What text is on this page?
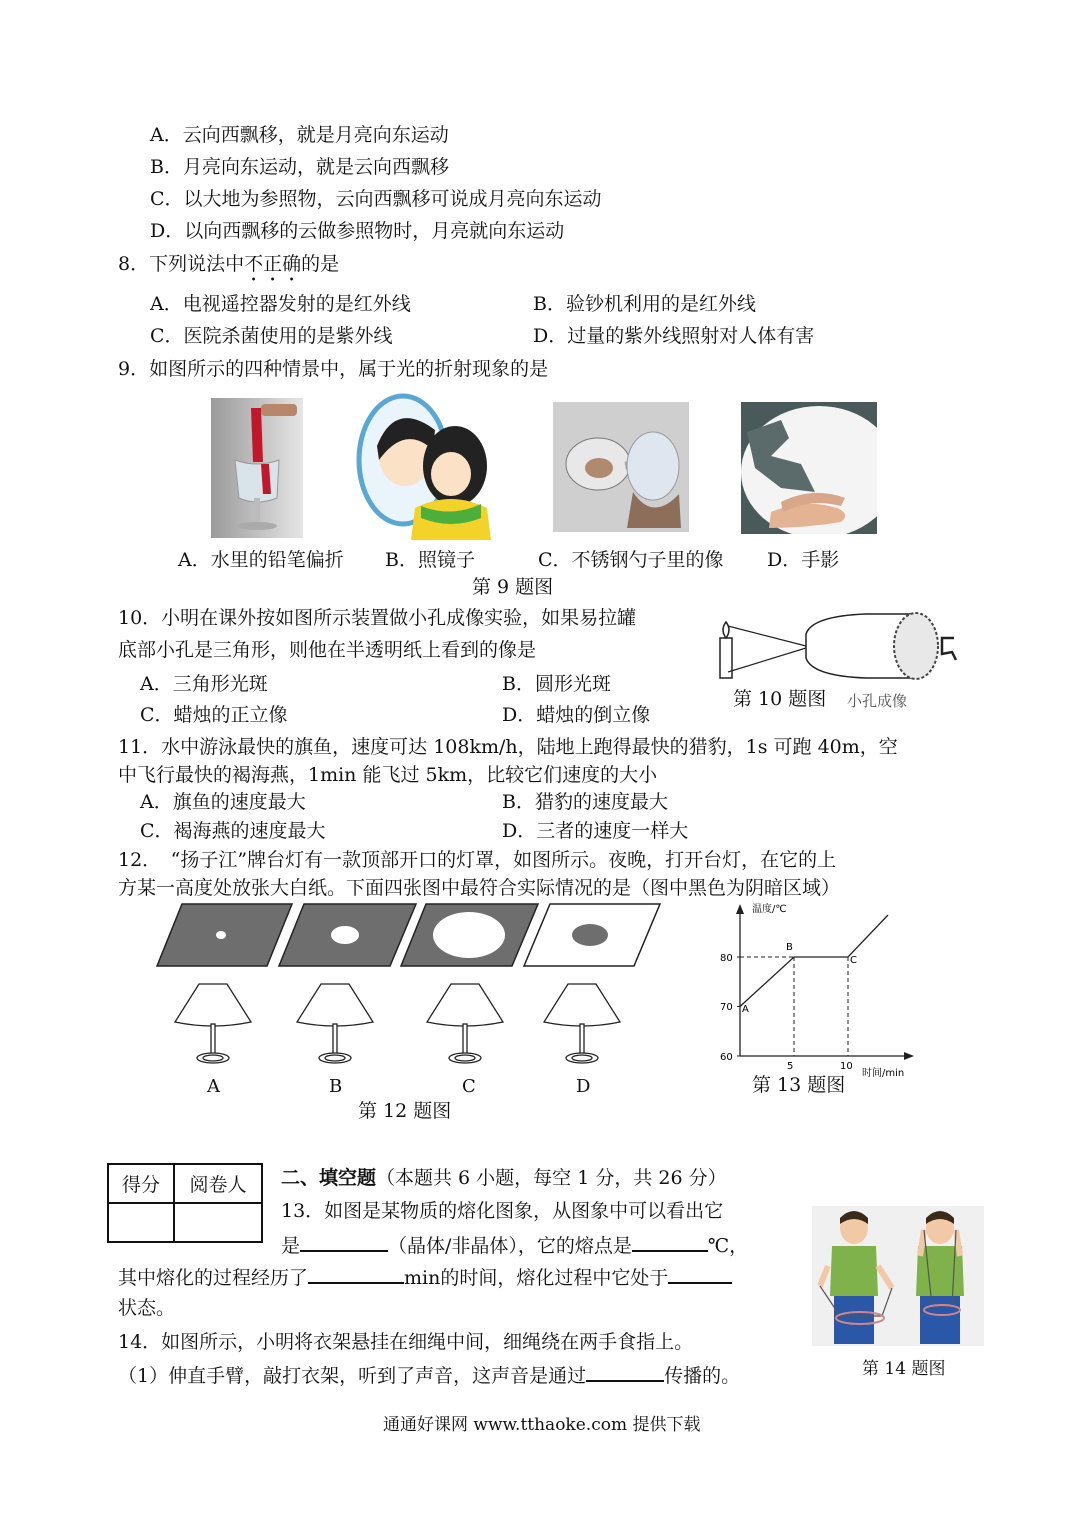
A．云向西飘移，就是月亮向东运动
B．月亮向东运动，就是云向西飘移
C．以大地为参照物，云向西飘移可说成月亮向东运动
D．以向西飘移的云做参照物时，月亮就向东运动
8．下列说法中不正确的是
A．电视遥控器发射的是红外线	B．验钞机利用的是红外线
C．医院杀菌使用的是紫外线	D．过量的紫外线照射对人体有害
9．如图所示的四种情景中，属于光的折射现象的是
A．水里的铅笔偏折 B．照镜子	C．不锈钢勺子里的像 D．手影
第 9 题图
10．小明在课外按如图所示装置做小孔成像实验，如果易拉罐
底部小孔是三角形，则他在半透明纸上看到的像是
A．三角形光斑	B．圆形光斑
C．蜡烛的正立像	D．蜡烛的倒立像
第 10 题图 小孔成像
11．水中游泳最快的旗鱼，速度可达 108km/h，陆地上跑得最快的猎豹，1s 可跑 40m，空
中飞行最快的褐海燕，1min 能飞过 5km，比较它们速度的大小
A．旗鱼的速度最大	B．猎豹的速度最大
C．褐海燕的速度最大	D．三者的速度一样大
12．　“扬子江”牌台灯有一款顶部开口的灯罩，如图所示。夜晚，打开台灯，在它的上
方某一高度处放张大白纸。下面四张图中最符合实际情况的是（图中黑色为阴暗区域）
A	B	C	D
第 12 题图
温度/℃
时间/min
60
70
80
5	10
A
B
C
第 13 题图
得分	阅卷人
	二、填空题（本题共 6 小题，每空 1 分，共 26 分）
13．如图是某物质的熔化图象，从图象中可以看出它
是	（晶体/非晶体），它的熔点是	℃，
其中熔化的过程经历了	min的时间，熔化过程中它处于
状态。
第 14 题图
14．如图所示，小明将衣架悬挂在细绳中间，细绳绕在两手食指上。
（1）伸直手臂，敲打衣架，听到了声音，这声音是通过	传播的。
通通好课网 www.tthaoke.com 提供下载
